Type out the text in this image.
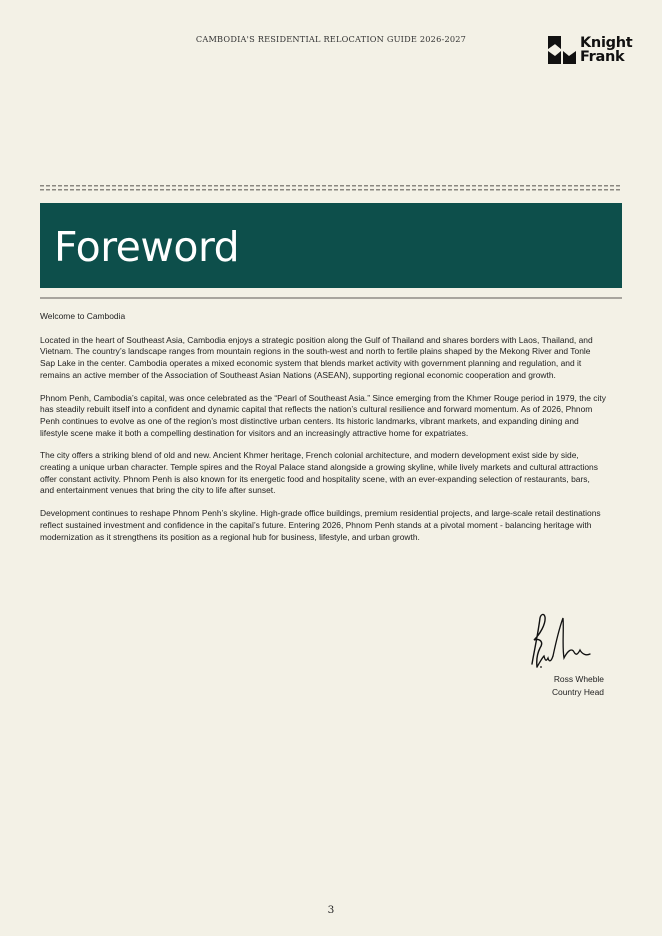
CAMBODIA'S RESIDENTIAL RELOCATION GUIDE 2026-2027	Knight
Frank
Foreword

Welcome to Cambodia

Located in the heart of Southeast Asia, Cambodia enjoys a strategic position along the Gulf of Thailand and shares borders with Laos, Thailand, and Vietnam. The country’s landscape ranges from mountain regions in the south-west and north to fertile plains shaped by the Mekong River and Tonle Sap Lake in the center. Cambodia operates a mixed economic system that blends market activity with government planning and regulation, and it remains an active member of the Association of Southeast Asian Nations (ASEAN), supporting regional economic cooperation and growth.

Phnom Penh, Cambodia’s capital, was once celebrated as the “Pearl of Southeast Asia.” Since emerging from the Khmer Rouge period in 1979, the city has steadily rebuilt itself into a confident and dynamic capital that reflects the nation’s cultural resilience and forward momentum. As of 2026, Phnom Penh continues to evolve as one of the region’s most distinctive urban centers. Its historic landmarks, vibrant markets, and expanding dining and lifestyle scene make it both a compelling destination for visitors and an increasingly attractive home for expatriates.

The city offers a striking blend of old and new. Ancient Khmer heritage, French colonial architecture, and modern development exist side by side, creating a unique urban character. Temple spires and the Royal Palace stand alongside a growing skyline, while lively markets and cultural attractions offer constant activity. Phnom Penh is also known for its energetic food and hospitality scene, with an ever-expanding selection of restaurants, bars, and entertainment venues that bring the city to life after sunset.

Development continues to reshape Phnom Penh’s skyline. High-grade office buildings, premium residential projects, and large-scale retail destinations reflect sustained investment and confidence in the capital’s future. Entering 2026, Phnom Penh stands at a pivotal moment - balancing heritage with modernization as it strengthens its position as a regional hub for business, lifestyle, and urban growth.

Ross Wheble
Country Head
3
